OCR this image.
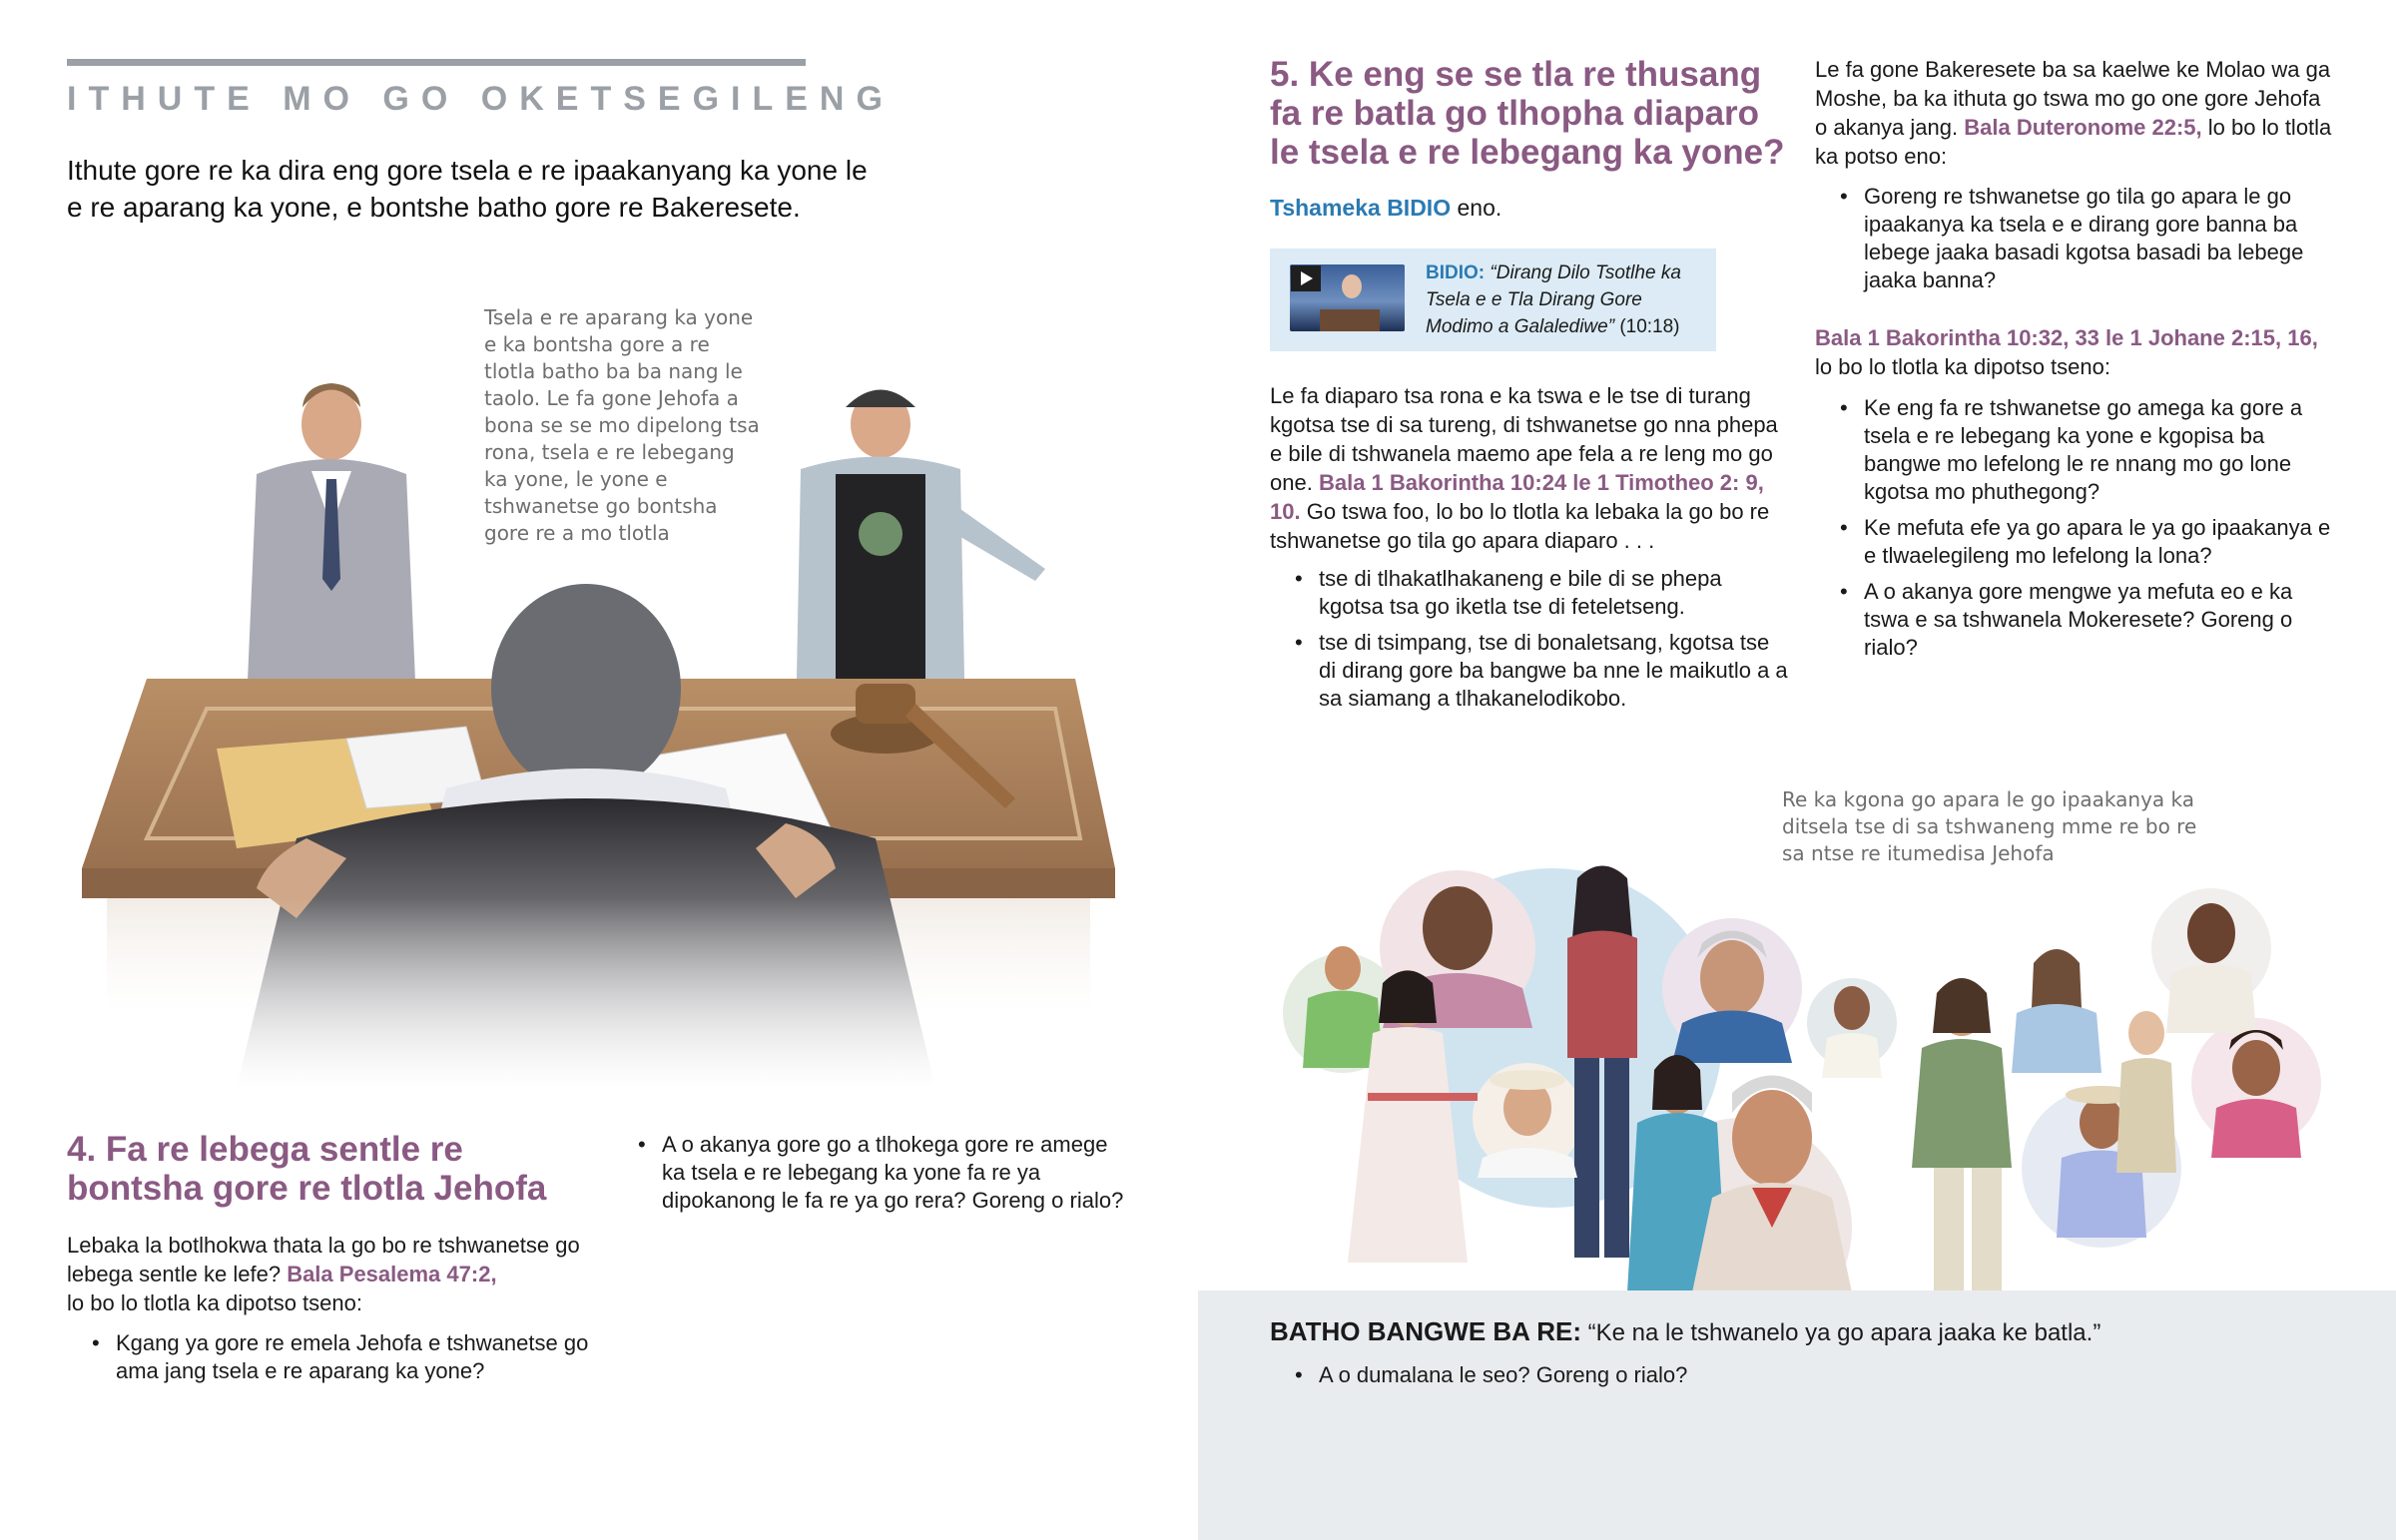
ITHUTE MO GO OKETSEGILENG
Ithute gore re ka dira eng gore tsela e re ipaakanyang ka yone le e re aparang ka yone, e bontshe batho gore re Bakeresete.
Tsela e re aparang ka yone e ka bontsha gore a re tlotla batho ba ba nang le taolo. Le fa gone Jehofa a bona se se mo dipelong tsa rona, tsela e re lebegang ka yone, le yone e tshwanetse go bontsha gore re a mo tlotla
4. Fa re lebega sentle re bontsha gore re tlotla Jehofa
Lebaka la botlhokwa thata la go bo re tshwanetse go lebega sentle ke lefe? Bala Pesalema 47:2,
lo bo lo tlotla ka dipotso tseno:
• Kgang ya gore re emela Jehofa e tshwanetse go ama jang tsela e re aparang ka yone?
• A o akanya gore go a tlhokega gore re amege ka tsela e re lebegang ka yone fa re ya dipokanong le fa re ya go rera? Goreng o rialo?
5. Ke eng se se tla re thusang fa re batla go tlhopha diaparo le tsela e re lebegang ka yone?
Tshameka BIDIO eno.
BIDIO: “Dirang Dilo Tsotlhe ka Tsela e e Tla Dirang Gore Modimo a Galalediwe” (10:18)
Le fa diaparo tsa rona e ka tswa e le tse di turang kgotsa tse di sa tureng, di tshwanetse go nna phepa e bile di tshwanela maemo ape fela a re leng mo go one. Bala 1 Bakorintha 10:24 le 1 Timotheo 2: 9, 10. Go tswa foo, lo bo lo tlotla ka lebaka la go bo re tshwanetse go tila go apara diaparo . . .
• tse di tlhakatlhakaneng e bile di se phepa kgotsa tsa go iketla tse di feteletseng.
• tse di tsimpang, tse di bonaletsang, kgotsa tse di dirang gore ba bangwe ba nne le maikutlo a a sa siamang a tlhakanelodikobo.
Le fa gone Bakeresete ba sa kaelwe ke Molao wa ga Moshe, ba ka ithuta go tswa mo go one gore Jehofa o akanya jang. Bala Duteronome 22:5, lo bo lo tlotla ka potso eno:
• Goreng re tshwanetse go tila go apara le go ipaakanya ka tsela e e dirang gore banna ba lebege jaaka basadi kgotsa basadi ba lebege jaaka banna?
Bala 1 Bakorintha 10:32, 33 le 1 Johane 2:15, 16,
lo bo lo tlotla ka dipotso tseno:
• Ke eng fa re tshwanetse go amega ka gore a tsela e re lebegang ka yone e kgopisa ba bangwe mo lefelong le re nnang mo go lone kgotsa mo phuthegong?
• Ke mefuta efe ya go apara le ya go ipaakanya e e tlwaelegileng mo lefelong la lona?
• A o akanya gore mengwe ya mefuta eo e ka tswa e sa tshwanela Mokeresete? Goreng o rialo?
Re ka kgona go apara le go ipaakanya ka ditsela tse di sa tshwaneng mme re bo re sa ntse re itumedisa Jehofa
BATHO BANGWE BA RE: “Ke na le tshwanelo ya go apara jaaka ke batla.”
• A o dumalana le seo? Goreng o rialo?
